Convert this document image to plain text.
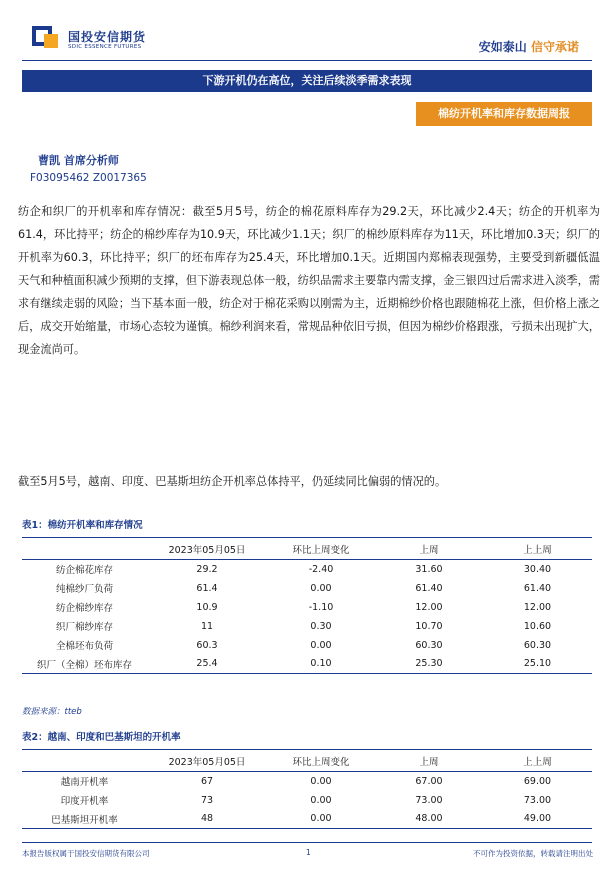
国投安信期货
SDIC ESSENCE FUTURES	安如泰山 信守承诺
下游开机仍在高位，关注后续淡季需求表现
棉纺开机率和库存数据周报
曹凯 首席分析师
F03095462 Z0017365
纺企和织厂的开机率和库存情况：截至5月5号，纺企的棉花原料库存为29.2天，环比减少2.4天；纺企的开机率为61.4，环比持平；纺企的棉纱库存为10.9天，环比减少1.1天；织厂的棉纱原料库存为11天，环比增加0.3天；织厂的开机率为60.3，环比持平；织厂的坯布库存为25.4天，环比增加0.1天。近期国内郑棉表现强势，主要受到新疆低温天气和种植面积减少预期的支撑，但下游表现总体一般，纺织品需求主要靠内需支撑，金三银四过后需求进入淡季，需求有继续走弱的风险；当下基本面一般，纺企对于棉花采购以刚需为主，近期棉纱价格也跟随棉花上涨，但价格上涨之后，成交开始缩量，市场心态较为谨慎。棉纱利润来看，常规品种依旧亏损，但因为棉纱价格跟涨，亏损未出现扩大，现金流尚可。
截至5月5号，越南、印度、巴基斯坦纺企开机率总体持平，仍延续同比偏弱的情况的。
表1：棉纺开机率和库存情况
	2023年05月05日	环比上周变化	上周	上上周
纺企棉花库存	29.2	-2.40	31.60	30.40
纯棉纱厂负荷	61.4	0.00	61.40	61.40
纺企棉纱库存	10.9	-1.10	12.00	12.00
织厂棉纱库存	11	0.30	10.70	10.60
全棉坯布负荷	60.3	0.00	60.30	60.30
织厂（全棉）坯布库存	25.4	0.10	25.30	25.10
数据来源：tteb
表2：越南、印度和巴基斯坦的开机率
	2023年05月05日	环比上周变化	上周	上上周
越南开机率	67	0.00	67.00	69.00
印度开机率	73	0.00	73.00	73.00
巴基斯坦开机率	48	0.00	48.00	49.00
本报告版权属于国投安信期货有限公司	1	不可作为投资依据，转载请注明出处
